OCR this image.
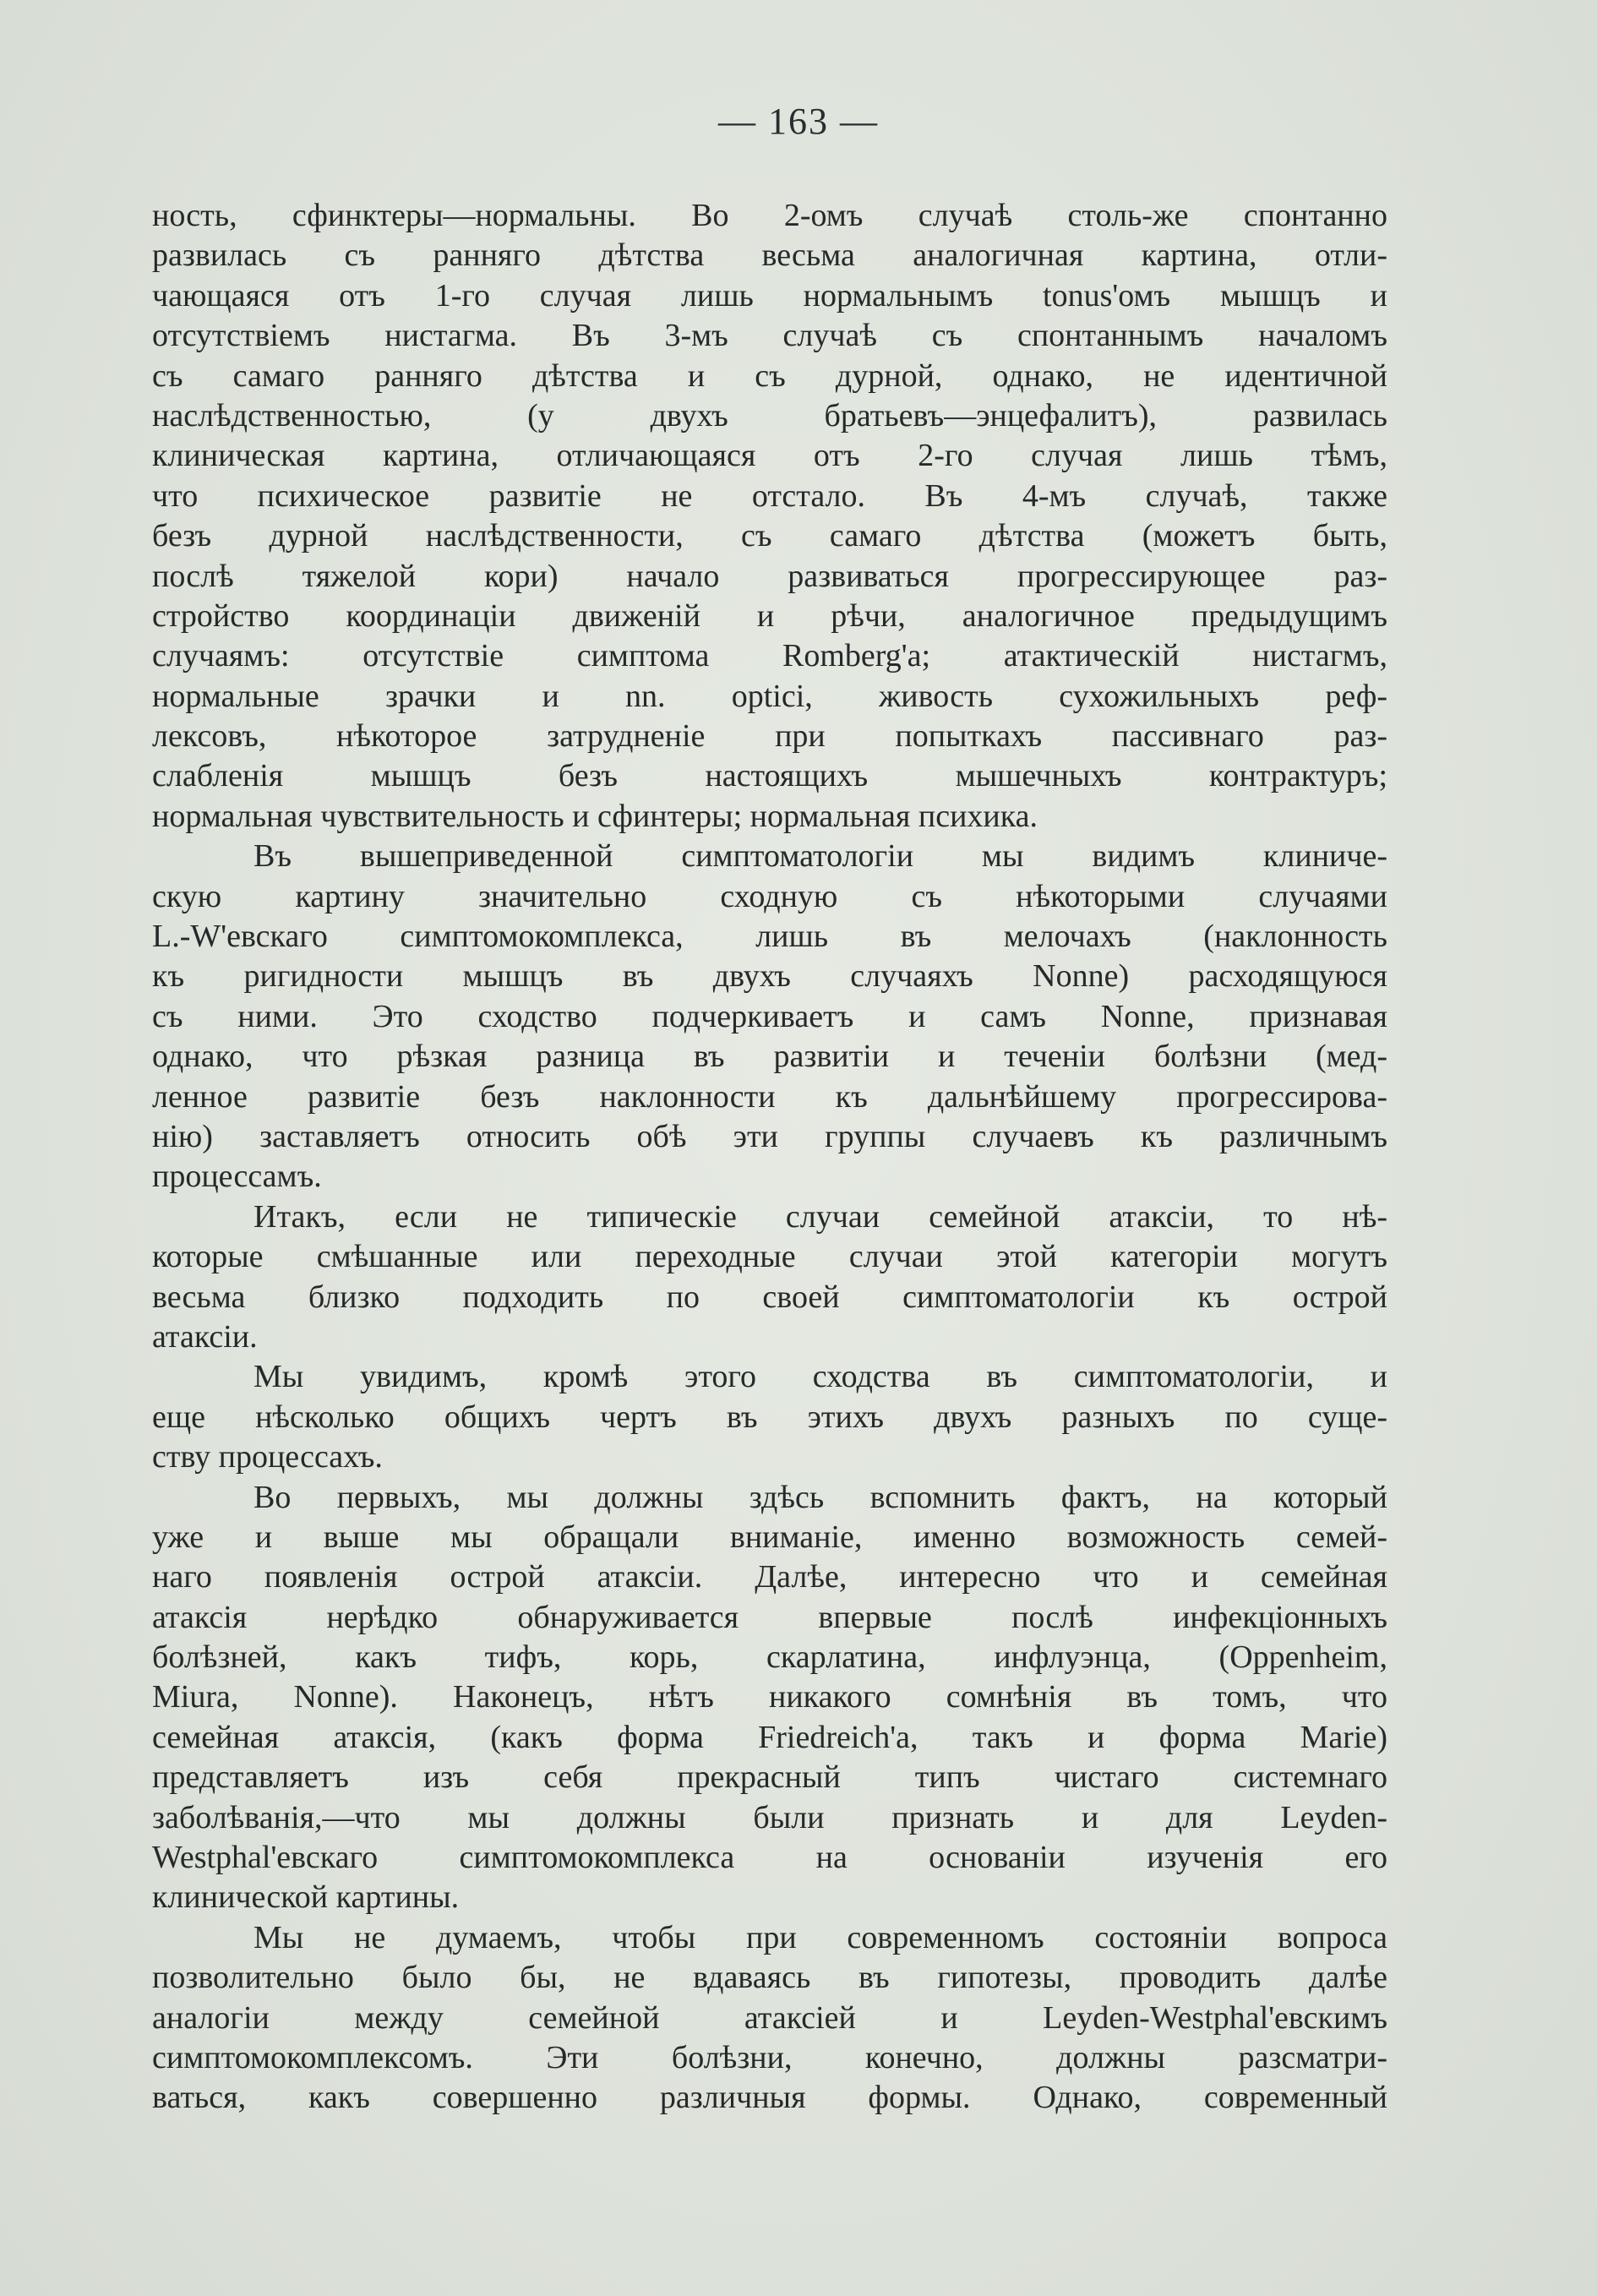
— 163 —
ность, сфинктеры—нормальны. Во 2-омъ случаѣ столь-же спонтанно
развилась съ ранняго дѣтства весьма аналогичная картина, отли-
чающаяся отъ 1-го случая лишь нормальнымъ tonus'омъ мышцъ и
отсутствіемъ нистагма. Въ 3-мъ случаѣ съ спонтаннымъ началомъ
съ самаго ранняго дѣтства и съ дурной, однако, не идентичной
наслѣдственностью, (у двухъ братьевъ—энцефалитъ), развилась
клиническая картина, отличающаяся отъ 2-го случая лишь тѣмъ,
что психическое развитіе не отстало. Въ 4-мъ случаѣ, также
безъ дурной наслѣдственности, съ самаго дѣтства (можетъ быть,
послѣ тяжелой кори) начало развиваться прогрессирующее раз-
стройство координаціи движеній и рѣчи, аналогичное предыдущимъ
случаямъ: отсутствіе симптома Romberg'а; атактическій нистагмъ,
нормальные зрачки и nn. optici, живость сухожильныхъ реф-
лексовъ, нѣкоторое затрудненіе при попыткахъ пассивнаго раз-
слабленія мышцъ безъ настоящихъ мышечныхъ контрактуръ;
нормальная чувствительность и сфинтеры; нормальная психика.
Въ вышеприведенной симптоматологіи мы видимъ клиниче-
скую картину значительно сходную съ нѣкоторыми случаями
L.-W'евскаго симптомокомплекса, лишь въ мелочахъ (наклонность
къ ригидности мышцъ въ двухъ случаяхъ Nonne) расходящуюся
съ ними. Это сходство подчеркиваетъ и самъ Nonne, признавая
однако, что рѣзкая разница въ развитіи и теченіи болѣзни (мед-
ленное развитіе безъ наклонности къ дальнѣйшему прогрессирова-
нію) заставляетъ относить обѣ эти группы случаевъ къ различнымъ
процессамъ.
Итакъ, если не типическіе случаи семейной атаксіи, то нѣ-
которые смѣшанные или переходные случаи этой категоріи могутъ
весьма близко подходить по своей симптоматологіи къ острой
атаксіи.
Мы увидимъ, кромѣ этого сходства въ симптоматологіи, и
еще нѣсколько общихъ чертъ въ этихъ двухъ разныхъ по суще-
ству процессахъ.
Во первыхъ, мы должны здѣсь вспомнить фактъ, на который
уже и выше мы обращали вниманіе, именно возможность семей-
наго появленія острой атаксіи. Далѣе, интересно что и семейная
атаксія нерѣдко обнаруживается впервые послѣ инфекціонныхъ
болѣзней, какъ тифъ, корь, скарлатина, инфлуэнца, (Oppenheim,
Miura, Nonne). Наконецъ, нѣтъ никакого сомнѣнія въ томъ, что
семейная атаксія, (какъ форма Friedreich'а, такъ и форма Marie)
представляетъ изъ себя прекрасный типъ чистаго системнаго
заболѣванія,—что мы должны были признать и для Leyden-
Westphal'евскаго симптомокомплекса на основаніи изученія его
клинической картины.
Мы не думаемъ, чтобы при современномъ состояніи вопроса
позволительно было бы, не вдаваясь въ гипотезы, проводить далѣе
аналогіи между семейной атаксіей и Leyden-Westphal'евскимъ
симптомокомплексомъ. Эти болѣзни, конечно, должны разсматри-
ваться, какъ совершенно различныя формы. Однако, современный
